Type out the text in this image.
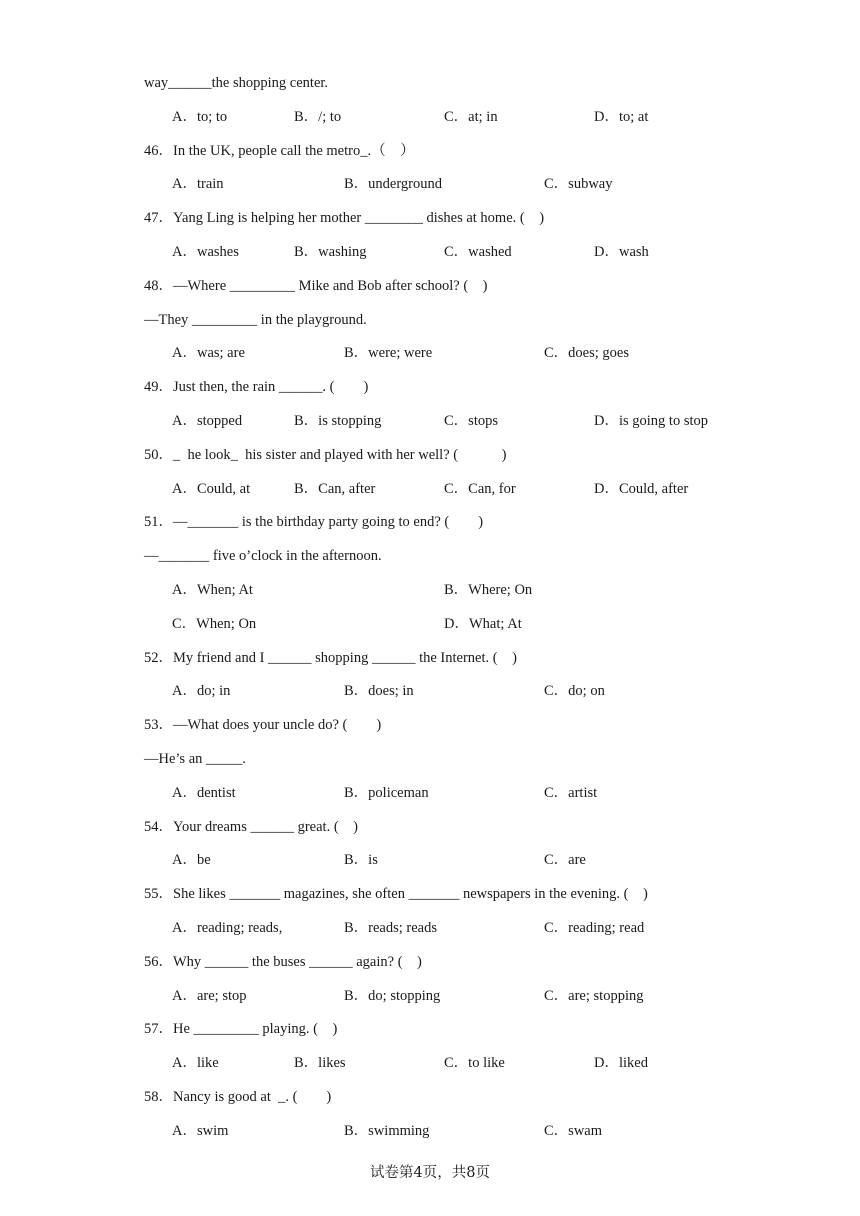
试卷第4页，共8页
way______the shopping center.
A．to; to	B．/; to	C．at; in	D．to; at
46．In the UK, people call the metro_.（　）
A．train	B．underground	C．subway
47．Yang Ling is helping her mother ________ dishes at home. (　)
A．washes	B．washing	C．washed	D．wash
48．—Where _________ Mike and Bob after school? (　)
—They _________ in the playground.
A．was; are	B．were; were	C．does; goes
49．Just then, the rain ______. (　　)
A．stopped	B．is stopping	C．stops	D．is going to stop
50．_  he look_  his sister and played with her well? (　　　)
A．Could, at	B．Can, after	C．Can, for	D．Could, after
51．—_______ is the birthday party going to end? (　　)
—_______ five o’clock in the afternoon.
A．When; At	B．Where; On
C．When; On	D．What; At
52．My friend and I ______ shopping ______ the Internet. (　)
A．do; in	B．does; in	C．do; on
53．—What does your uncle do? (　　)
—He’s an _____.
A．dentist	B．policeman	C．artist
54．Your dreams ______ great. (　)
A．be	B．is	C．are
55．She likes _______ magazines, she often _______ newspapers in the evening. (　)
A．reading; reads,	B．reads; reads	C．reading; read
56．Why ______ the buses ______ again? (　)
A．are; stop	B．do; stopping	C．are; stopping
57．He _________ playing. (　)
A．like	B．likes	C．to like	D．liked
58．Nancy is good at  _. (　　)
A．swim	B．swimming	C．swam
